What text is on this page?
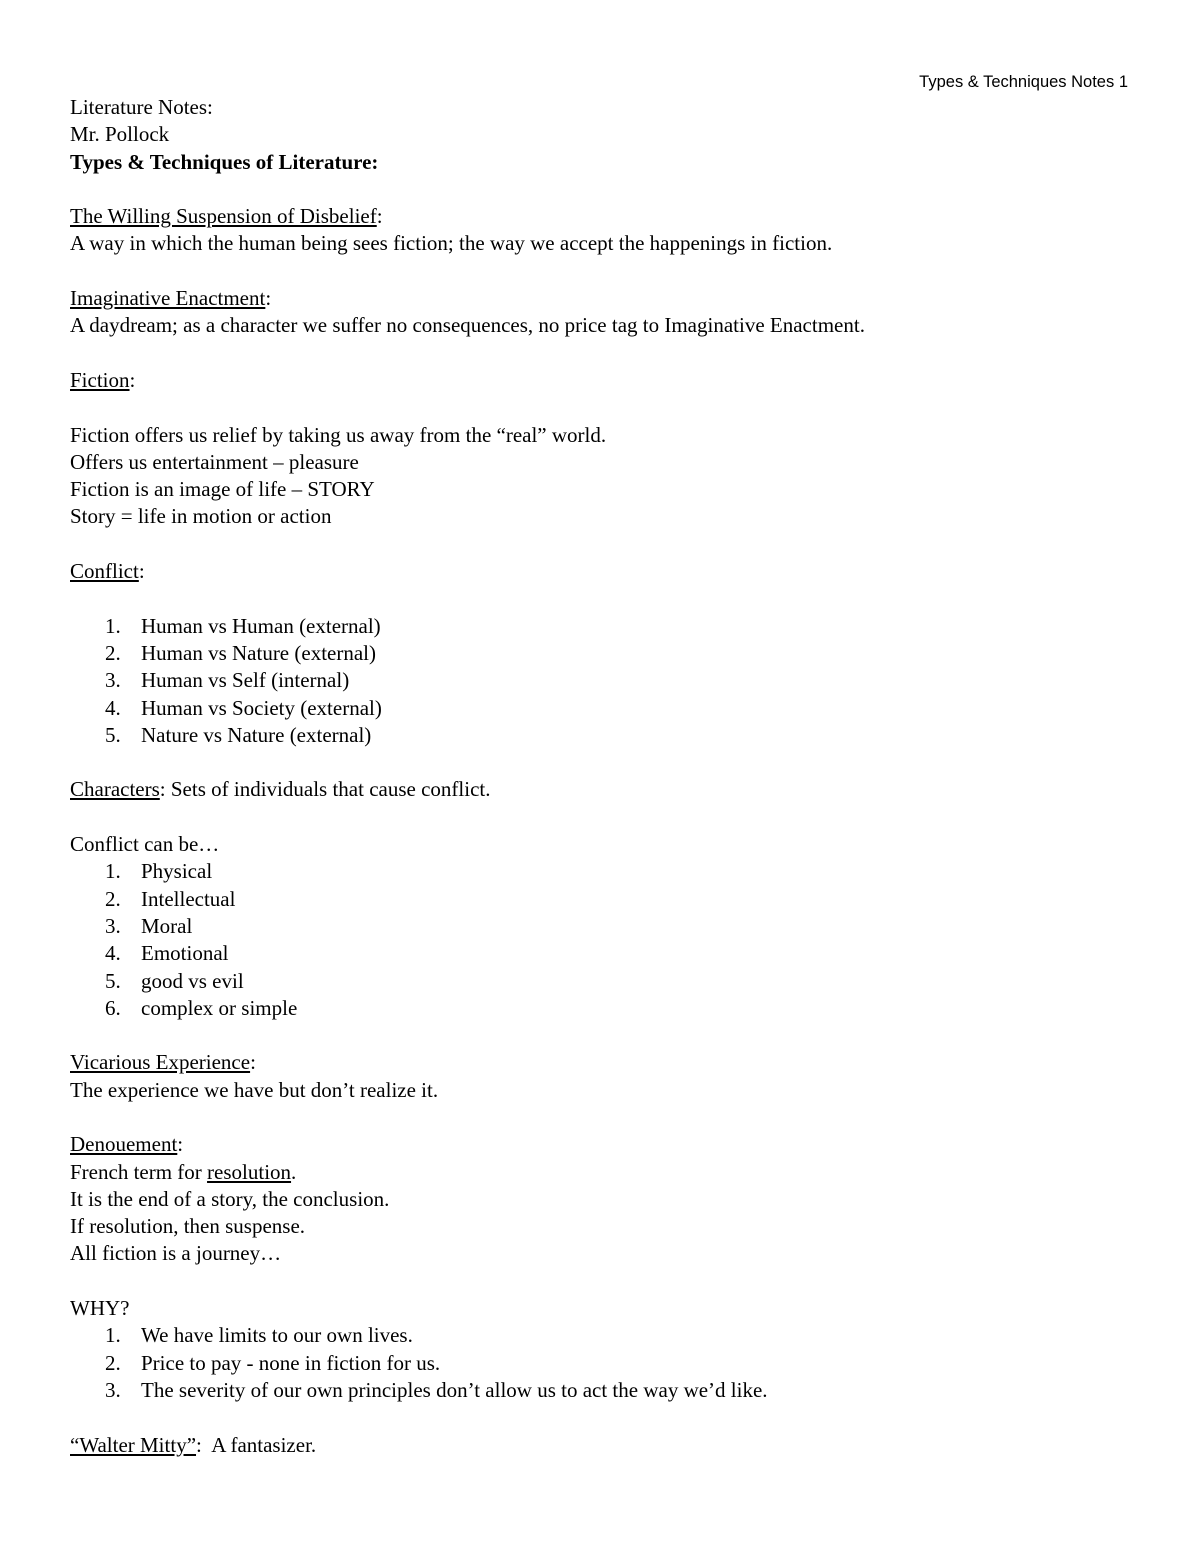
Types & Techniques Notes 1
Literature Notes:
Mr. Pollock
Types & Techniques of Literature:
The Willing Suspension of Disbelief:
A way in which the human being sees fiction; the way we accept the happenings in fiction.
Imaginative Enactment:
A daydream; as a character we suffer no consequences, no price tag to Imaginative Enactment.
Fiction:
Fiction offers us relief by taking us away from the “real” world.
Offers us entertainment – pleasure
Fiction is an image of life – STORY
Story = life in motion or action
Conflict:
1. Human vs Human (external)
2. Human vs Nature (external)
3. Human vs Self (internal)
4. Human vs Society (external)
5. Nature vs Nature (external)
Characters: Sets of individuals that cause conflict.
Conflict can be…
1. Physical
2. Intellectual
3. Moral
4. Emotional
5. good vs evil
6. complex or simple
Vicarious Experience:
The experience we have but don’t realize it.
Denouement:
French term for resolution.
It is the end of a story, the conclusion.
If resolution, then suspense.
All fiction is a journey…
WHY?
1. We have limits to our own lives.
2. Price to pay - none in fiction for us.
3. The severity of our own principles don’t allow us to act the way we’d like.
“Walter Mitty”:  A fantasizer.
